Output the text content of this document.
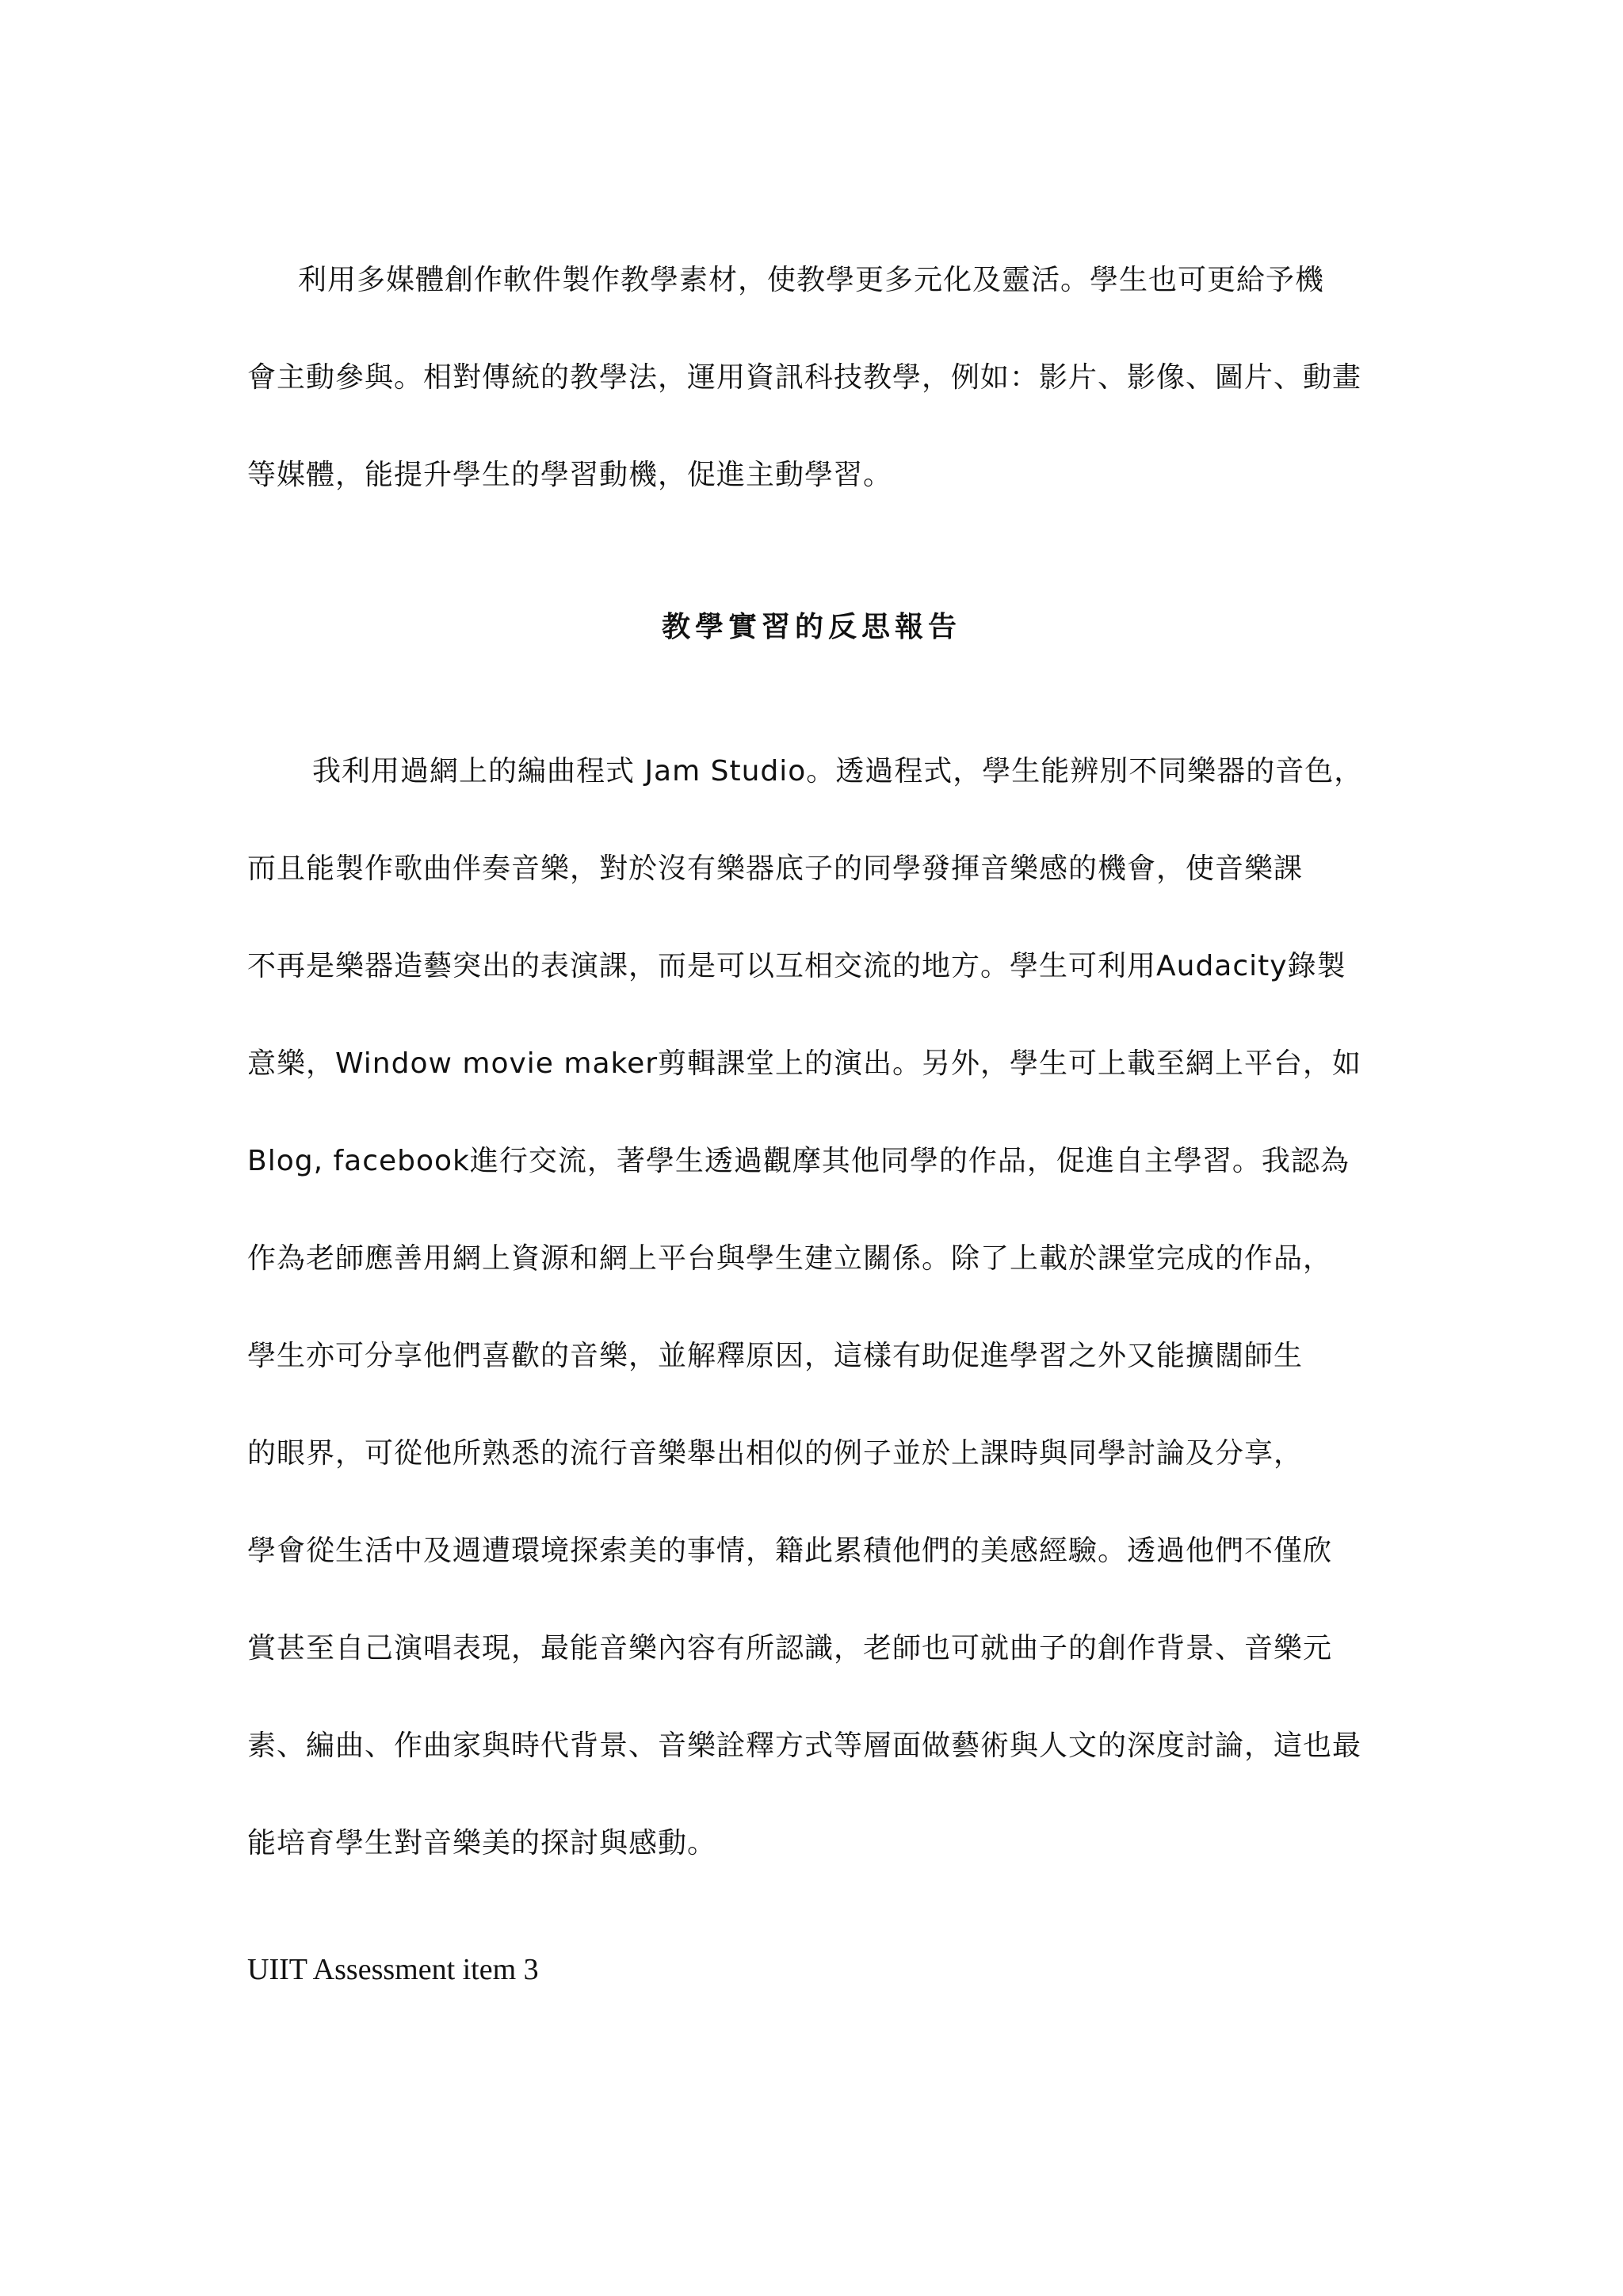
利用多媒體創作軟件製作教學素材，使教學更多元化及靈活。學生也可更給予機
會主動參與。相對傳統的教學法，運用資訊科技教學，例如：影片、影像、圖片、動畫
等媒體，能提升學生的學習動機，促進主動學習。
教學實習的反思報告
我利用過網上的編曲程式 Jam Studio。透過程式，學生能辨別不同樂器的音色，
而且能製作歌曲伴奏音樂，對於沒有樂器底子的同學發揮音樂感的機會，使音樂課
不再是樂器造藝突出的表演課，而是可以互相交流的地方。學生可利用Audacity錄製
意樂，Window movie maker剪輯課堂上的演出。另外，學生可上載至網上平台，如
Blog, facebook進行交流，著學生透過觀摩其他同學的作品，促進自主學習。我認為
作為老師應善用網上資源和網上平台與學生建立關係。除了上載於課堂完成的作品，
學生亦可分享他們喜歡的音樂，並解釋原因，這樣有助促進學習之外又能擴闊師生
的眼界，可從他所熟悉的流行音樂舉出相似的例子並於上課時與同學討論及分享，
學會從生活中及週遭環境探索美的事情，籍此累積他們的美感經驗。透過他們不僅欣
賞甚至自己演唱表現，最能音樂內容有所認識，老師也可就曲子的創作背景、音樂元
素、編曲、作曲家與時代背景、音樂詮釋方式等層面做藝術與人文的深度討論，這也最
能培育學生對音樂美的探討與感動。
UIIT Assessment item 3
